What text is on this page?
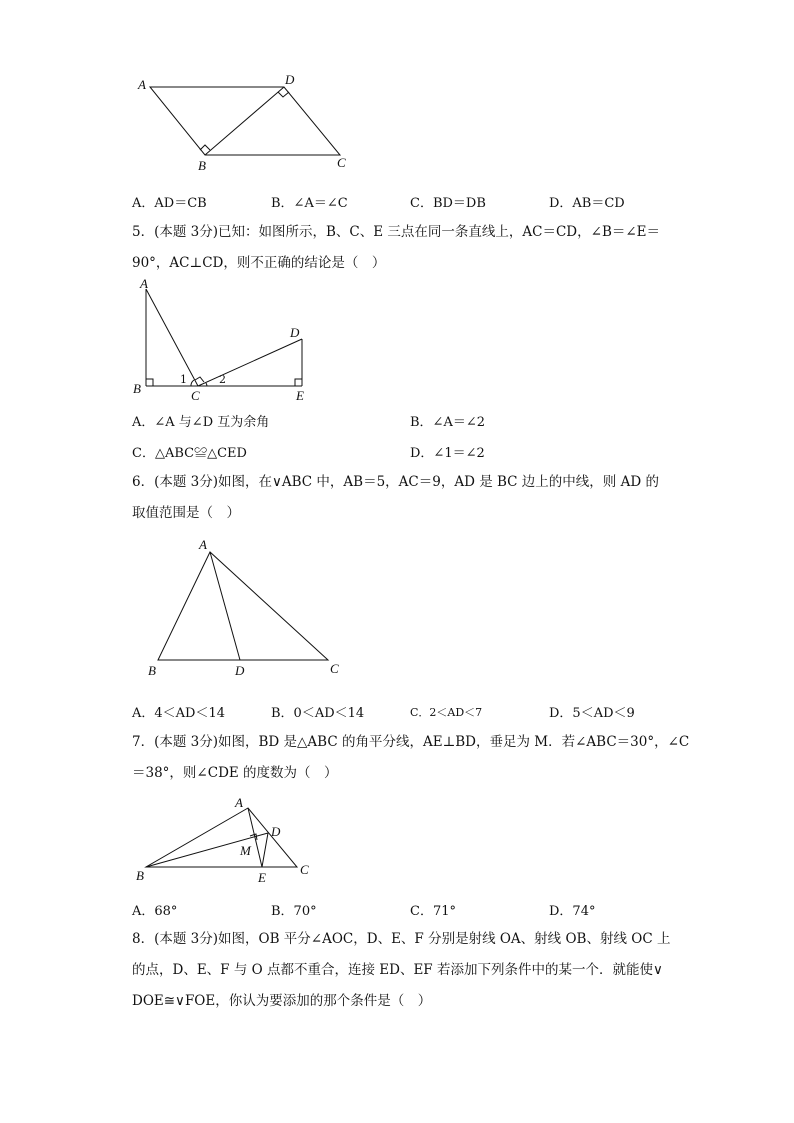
A	D
B	C
A．AD＝CB	B．∠A＝∠C	C．BD＝DB	D．AB＝CD
5．(本题 3分)已知：如图所示，B、C、E 三点在同一条直线上，AC＝CD，∠B＝∠E＝
90°，AC⊥CD，则不正确的结论是（　）
A
D
B	C	E
1	2
A．∠A 与∠D 互为余角	B．∠A＝∠2
C．△ABC≌△CED	D．∠1＝∠2
6．(本题 3分)如图，在∨ABC 中，AB＝5，AC＝9，AD 是 BC 边上的中线，则 AD 的
取值范围是（　）
A
B	D	C
A．4＜AD＜14	B．0＜AD＜14	C．2＜AD＜7	D．5＜AD＜9
7．(本题 3分)如图，BD 是△ABC 的角平分线，AE⊥BD，垂足为 M．若∠ABC＝30°，∠C
＝38°，则∠CDE 的度数为（　）
A
D
M
B	E
C
A．68°	B．70°	C．71°	D．74°
8．(本题 3分)如图，OB 平分∠AOC，D、E、F 分别是射线 OA、射线 OB、射线 OC 上
的点，D、E、F 与 O 点都不重合，连接 ED、EF 若添加下列条件中的某一个．就能使∨
DOE≅∨FOE，你认为要添加的那个条件是（　）
